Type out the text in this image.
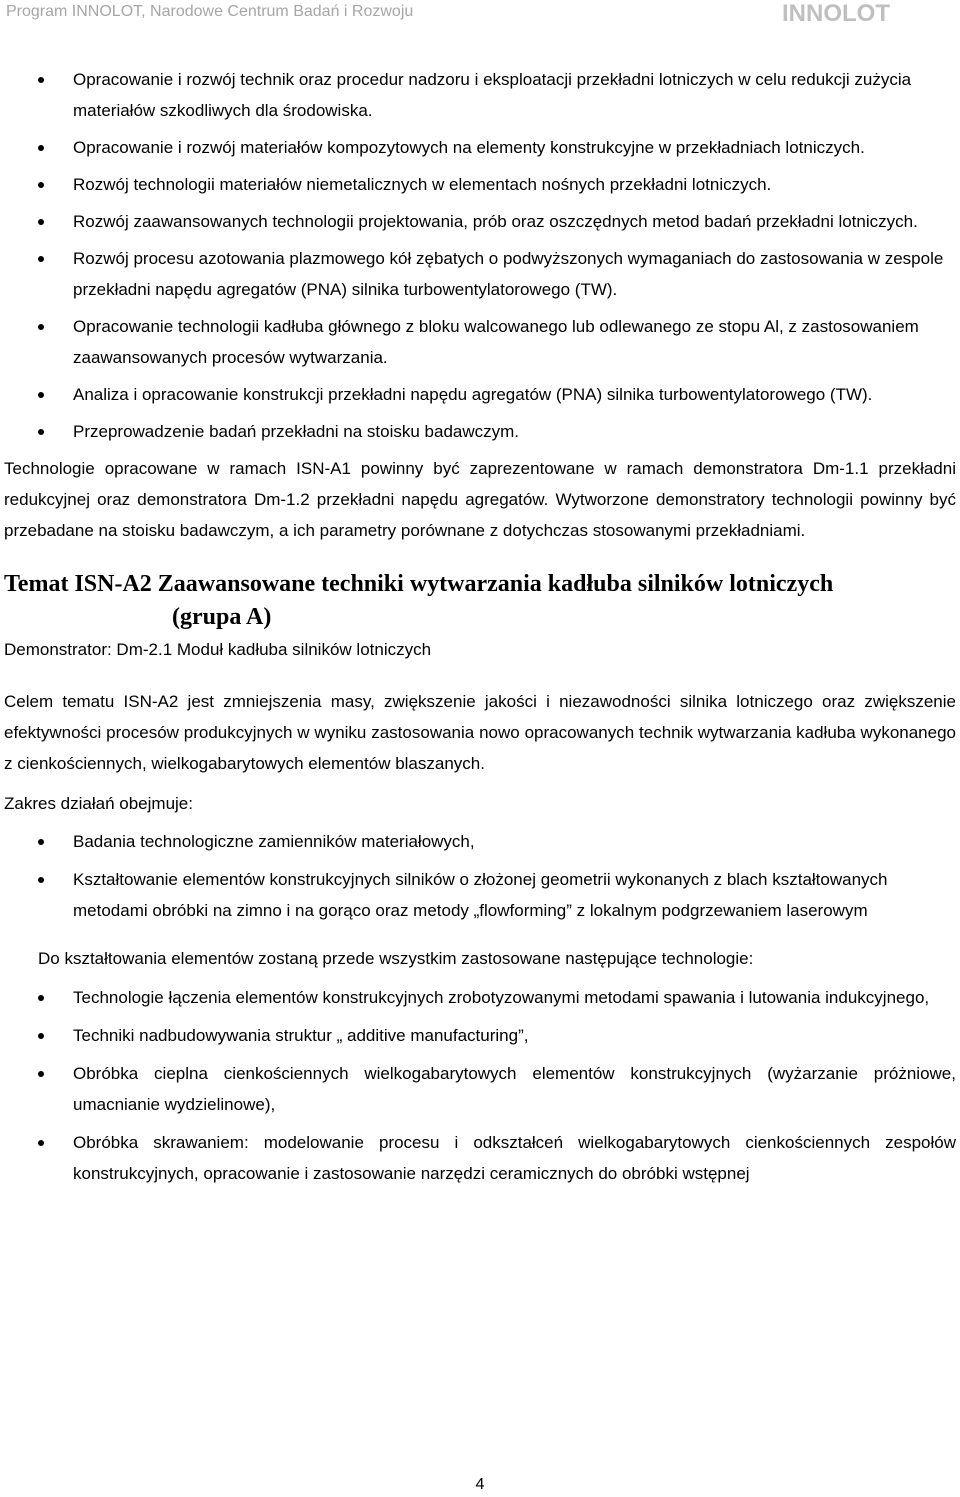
Program INNOLOT, Narodowe Centrum Badań i Rozwoju	INNOLOT
Opracowanie i rozwój technik oraz procedur nadzoru i eksploatacji przekładni lotniczych w celu redukcji zużycia materiałów szkodliwych dla środowiska.
Opracowanie i rozwój materiałów kompozytowych na elementy konstrukcyjne w przekładniach lotniczych.
Rozwój technologii materiałów niemetalicznych w elementach nośnych przekładni lotniczych.
Rozwój zaawansowanych technologii projektowania, prób oraz oszczędnych metod badań przekładni lotniczych.
Rozwój procesu azotowania plazmowego kół zębatych o podwyższonych wymaganiach do zastosowania w zespole przekładni napędu agregatów (PNA) silnika turbowentylatorowego (TW).
Opracowanie technologii kadłuba głównego z bloku walcowanego lub odlewanego ze stopu Al, z zastosowaniem zaawansowanych procesów wytwarzania.
Analiza i opracowanie konstrukcji przekładni napędu agregatów (PNA) silnika turbowentylatorowego (TW).
Przeprowadzenie badań przekładni na stoisku badawczym.

Technologie opracowane w ramach ISN-A1 powinny być zaprezentowane w ramach demonstratora Dm-1.1 przekładni redukcyjnej oraz demonstratora Dm-1.2 przekładni napędu agregatów. Wytworzone demonstratory technologii powinny być przebadane na stoisku badawczym, a ich parametry porównane z dotychczas stosowanymi przekładniami.

Temat ISN-A2 Zaawansowane techniki wytwarzania kadłuba silników lotniczych
(grupa A)

Demonstrator: Dm-2.1 Moduł kadłuba silników lotniczych

Celem tematu ISN-A2 jest zmniejszenia masy, zwiększenie jakości i niezawodności silnika lotniczego oraz zwiększenie efektywności procesów produkcyjnych w wyniku zastosowania nowo opracowanych technik wytwarzania kadłuba wykonanego z cienkościennych, wielkogabarytowych elementów blaszanych.

Zakres działań obejmuje:

Badania technologiczne zamienników materiałowych,
Kształtowanie elementów konstrukcyjnych silników o złożonej geometrii wykonanych z blach kształtowanych metodami obróbki na zimno i na gorąco oraz metody „flowforming” z lokalnym podgrzewaniem laserowym

Do kształtowania elementów zostaną przede wszystkim zastosowane następujące technologie:

Technologie łączenia elementów konstrukcyjnych zrobotyzowanymi metodami spawania i lutowania indukcyjnego,
Techniki nadbudowywania struktur „ additive manufacturing”,
Obróbka cieplna cienkościennych wielkogabarytowych elementów konstrukcyjnych (wyżarzanie próżniowe, umacnianie wydzielinowe),
Obróbka skrawaniem: modelowanie procesu i odkształceń wielkogabarytowych cienkościennych zespołów konstrukcyjnych, opracowanie i zastosowanie narzędzi ceramicznych do obróbki wstępnej
4
